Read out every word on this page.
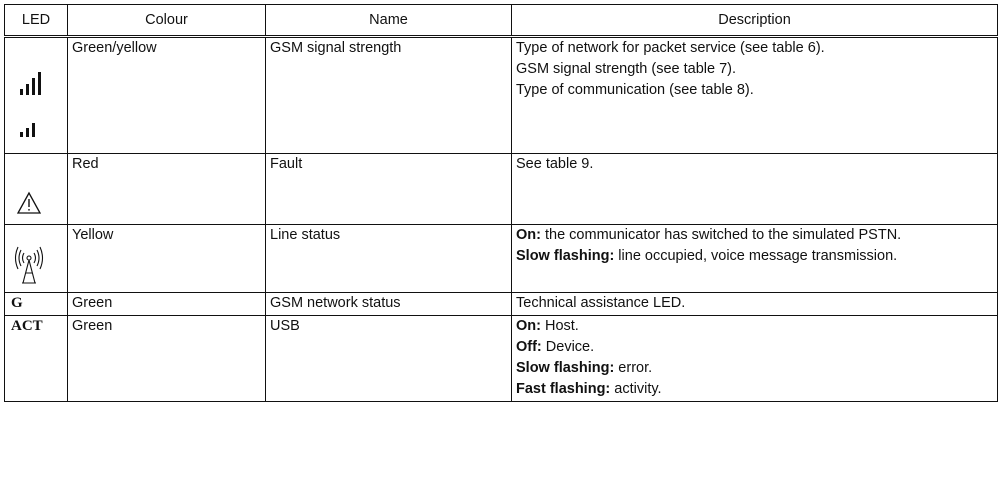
LED	Colour	Name	Description

	Green/yellow	GSM signal strength	Type of network for packet service (see table 6).
GSM signal strength (see table 7).
Type of communication (see table 8).

	Red	Fault	See table 9.

	Yellow	Line status	On: the communicator has switched to the simulated PSTN.
Slow flashing: line occupied, voice message transmission.

G	Green	GSM network status	Technical assistance LED.

ACT	Green	USB	On: Host.
Off: Device.
Slow flashing: error.
Fast flashing: activity.
